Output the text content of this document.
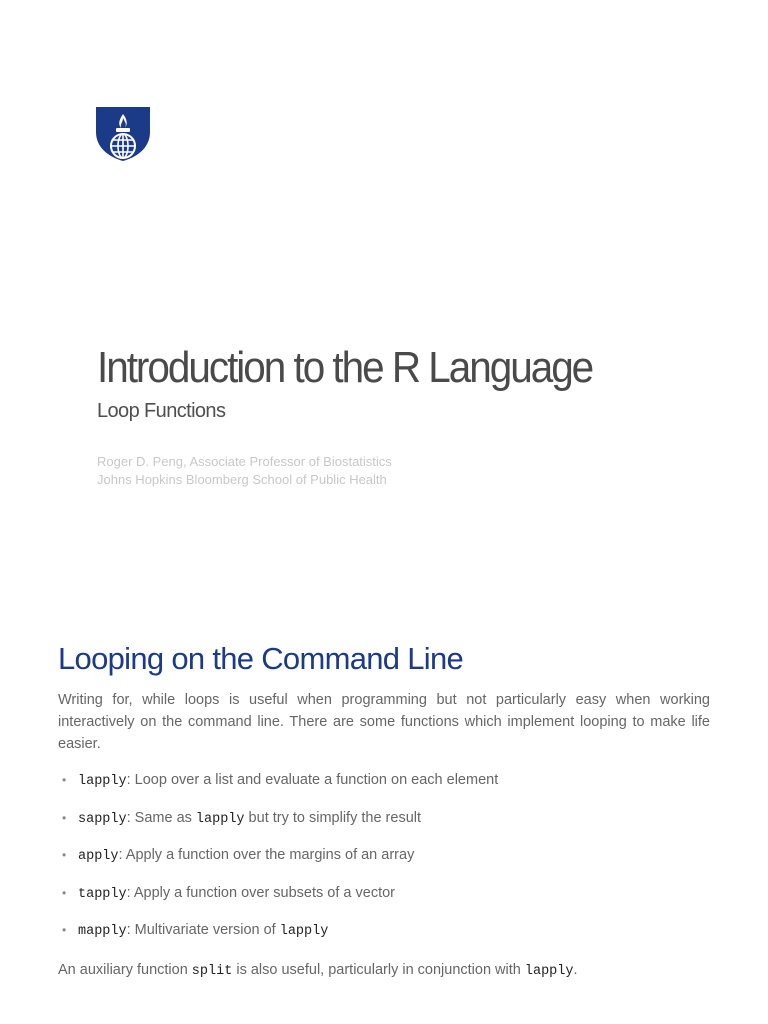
Introduction to the R Language
Loop Functions
Roger D. Peng, Associate Professor of Biostatistics
Johns Hopkins Bloomberg School of Public Health
Looping on the Command Line

Writing for, while loops is useful when programming but not particularly easy when working interactively on the command line. There are some functions which implement looping to make life easier.

• lapply: Loop over a list and evaluate a function on each element
• sapply: Same as lapply but try to simplify the result
• apply: Apply a function over the margins of an array
• tapply: Apply a function over subsets of a vector
• mapply: Multivariate version of lapply

An auxiliary function split is also useful, particularly in conjunction with lapply.
